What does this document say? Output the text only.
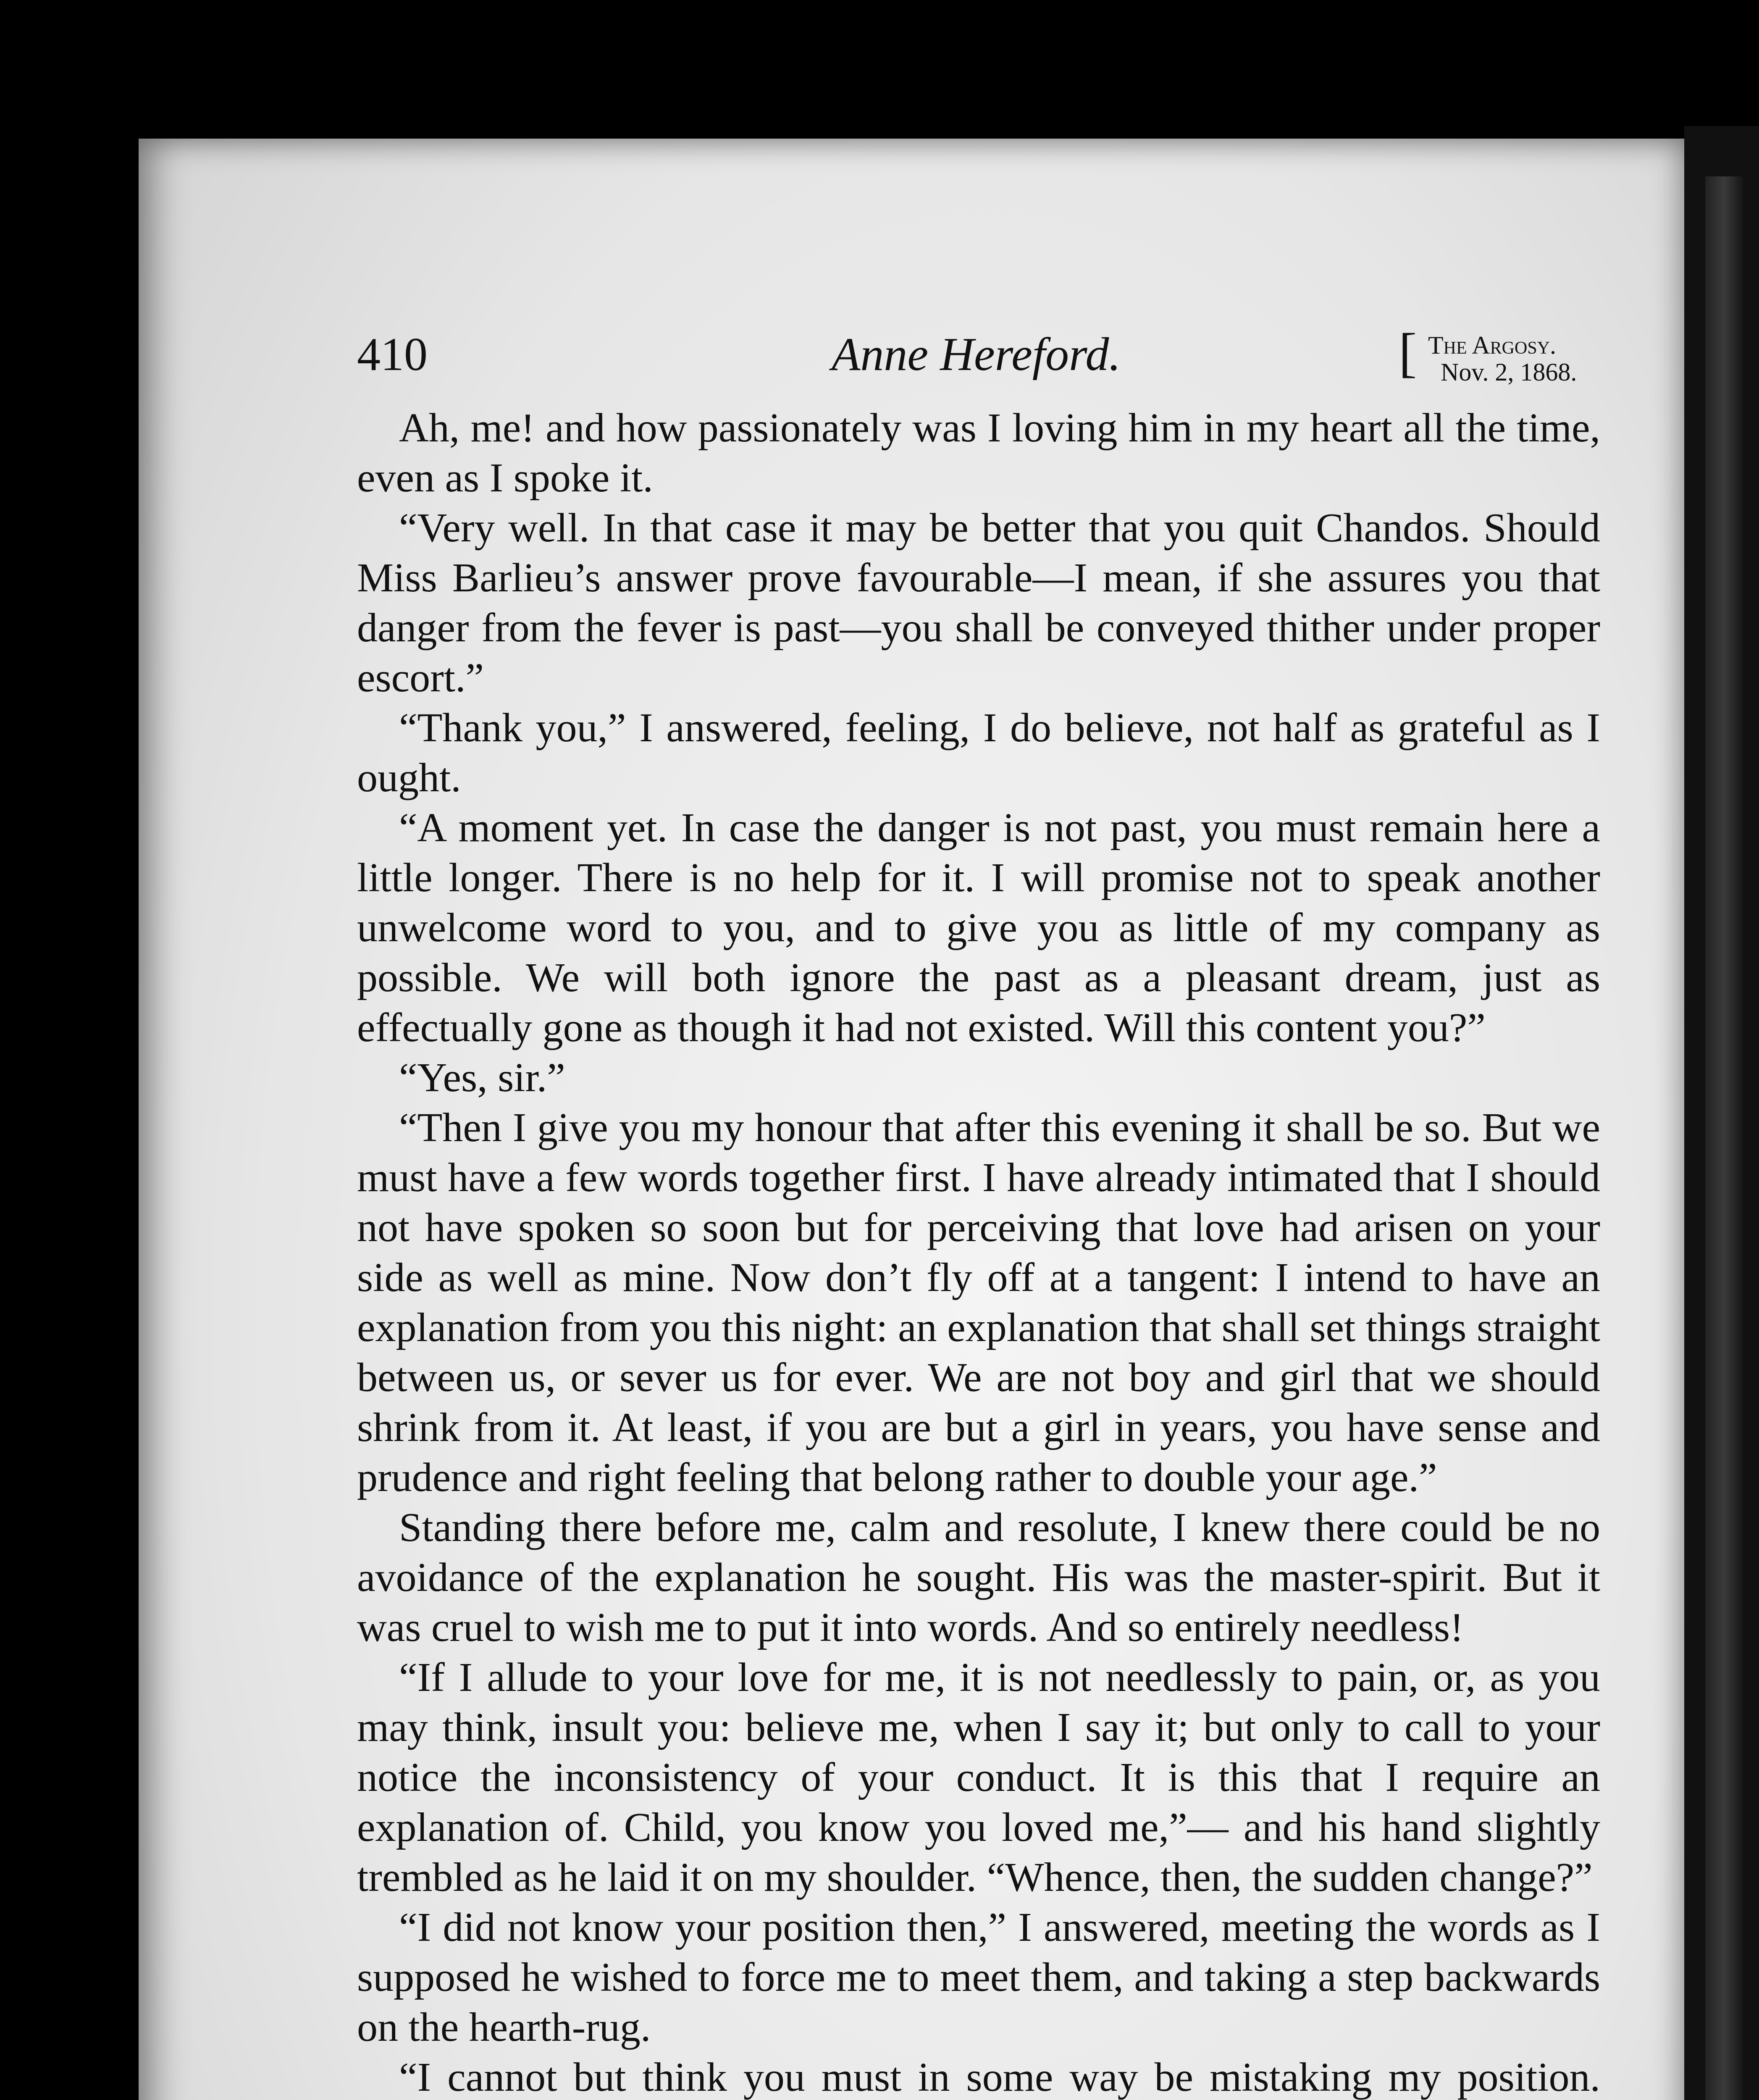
410	Anne Hereford.	[ The Argosy.
Nov. 2, 1868.

Ah, me! and how passionately was I loving him in my heart all the time, even as I spoke it.

“Very well. In that case it may be better that you quit Chandos. Should Miss Barlieu’s answer prove favourable—I mean, if she assures you that danger from the fever is past—you shall be conveyed thither under proper escort.”

“Thank you,” I answered, feeling, I do believe, not half as grateful as I ought.

“A moment yet. In case the danger is not past, you must remain here a little longer. There is no help for it. I will promise not to speak another unwelcome word to you, and to give you as little of my company as possible. We will both ignore the past as a pleasant dream, just as effectually gone as though it had not existed. Will this content you?”

“Yes, sir.”

“Then I give you my honour that after this evening it shall be so. But we must have a few words together first. I have already intimated that I should not have spoken so soon but for perceiving that love had arisen on your side as well as mine. Now don’t fly off at a tangent: I intend to have an explanation from you this night: an explanation that shall set things straight between us, or sever us for ever. We are not boy and girl that we should shrink from it. At least, if you are but a girl in years, you have sense and prudence and right feeling that belong rather to double your age.”

Standing there before me, calm and resolute, I knew there could be no avoidance of the explanation he sought. His was the master-spirit. But it was cruel to wish me to put it into words. And so entirely needless!

“If I allude to your love for me, it is not needlessly to pain, or, as you may think, insult you: believe me, when I say it; but only to call to your notice the inconsistency of your conduct. It is this that I require an explanation of. Child, you know you loved me,”— and his hand slightly trembled as he laid it on my shoulder. “Whence, then, the sudden change?”

“I did not know your position then,” I answered, meeting the words as I supposed he wished to force me to meet them, and taking a step backwards on the hearth-rug.

“I cannot but think you must in some way be mistaking my position.
